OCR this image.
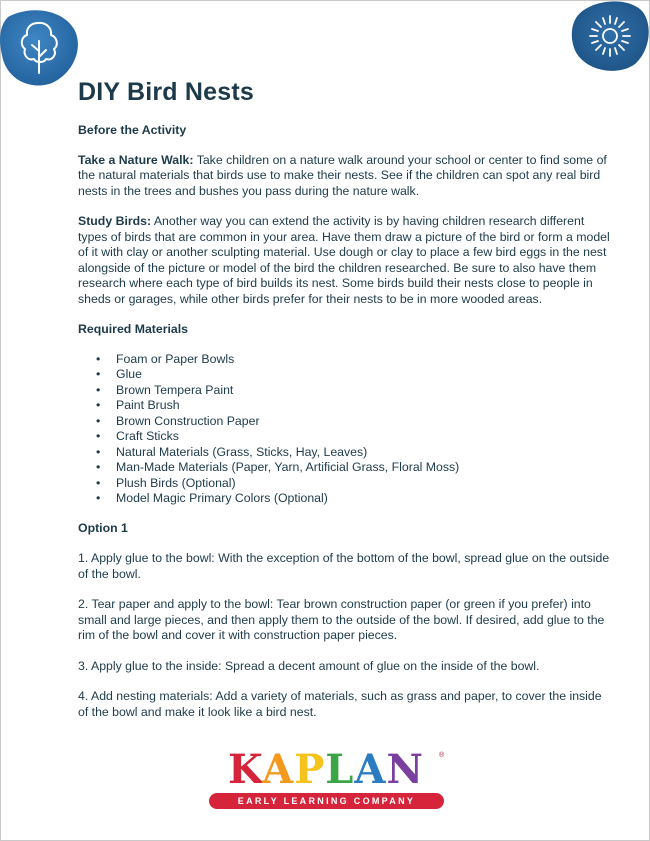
DIY Bird Nests

Before the Activity

Take a Nature Walk: Take children on a nature walk around your school or center to find some of the natural materials that birds use to make their nests. See if the children can spot any real bird nests in the trees and bushes you pass during the nature walk.

Study Birds: Another way you can extend the activity is by having children research different types of birds that are common in your area. Have them draw a picture of the bird or form a model of it with clay or another sculpting material. Use dough or clay to place a few bird eggs in the nest alongside of the picture or model of the bird the children researched. Be sure to also have them research where each type of bird builds its nest. Some birds build their nests close to people in sheds or garages, while other birds prefer for their nests to be in more wooded areas.

Required Materials

• Foam or Paper Bowls
• Glue
• Brown Tempera Paint
• Paint Brush
• Brown Construction Paper
• Craft Sticks
• Natural Materials (Grass, Sticks, Hay, Leaves)
• Man-Made Materials (Paper, Yarn, Artificial Grass, Floral Moss)
• Plush Birds (Optional)
• Model Magic Primary Colors (Optional)

Option 1

1. Apply glue to the bowl: With the exception of the bottom of the bowl, spread glue on the outside of the bowl.

2. Tear paper and apply to the bowl: Tear brown construction paper (or green if you prefer) into small and large pieces, and then apply them to the outside of the bowl. If desired, add glue to the rim of the bowl and cover it with construction paper pieces.

3. Apply glue to the inside: Spread a decent amount of glue on the inside of the bowl.

4. Add nesting materials: Add a variety of materials, such as grass and paper, to cover the inside of the bowl and make it look like a bird nest.

KAPLAN	®
EARLY LEARNING COMPANY
